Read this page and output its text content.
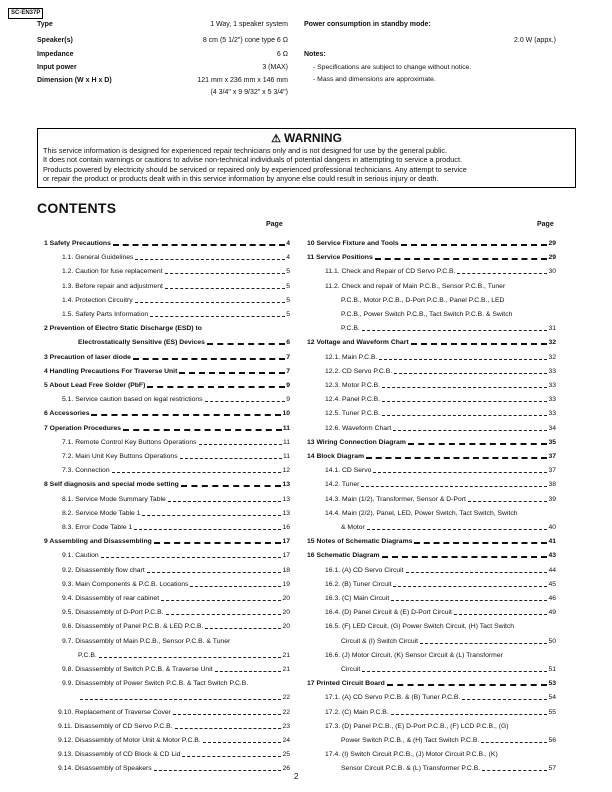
SC-EN37P
Type	1 Way, 1 speaker system
Speaker(s)	8 cm (5 1/2") cone type 6 Ω
Impedance	6 Ω
Input power	3 (MAX)
Dimension (W x H x D)	121 mm x 236 mm x 146 mm
(4 3/4" x 9 9/32" x 5 3/4")
Power consumption in standby mode:
2.0 W (appx.)
Notes:
- Specifications are subject to change without notice.
- Mass and dimensions are approximate.
⚠ WARNING
This service information is designed for experienced repair technicians only and is not designed for use by the general public.
It does not contain warnings or cautions to advise non-technical individuals of potential dangers in attempting to service a product.
Products powered by electricity should be serviced or repaired only by experienced professional technicians. Any attempt to service
or repair the product or products dealt with in this service information by anyone else could result in serious injury or death.
CONTENTS
Page	Page
1 Safety Precautions	4
1.1. General Guidelines	4
1.2. Caution for fuse replacement	5
1.3. Before repair and adjustment	5
1.4. Protection Circuitry	5
1.5. Safety Parts Information	5
2 Prevention of Electro Static Discharge (ESD) to
Electrostatically Sensitive (ES) Devices	6
3 Precaution of laser diode	7
4 Handling Precautions For Traverse Unit	7
5 About Lead Free Solder (PbF)	9
5.1. Service caution based on legal restrictions	9
6 Accessories	10
7 Operation Procedures	11
7.1. Remote Control Key Buttons Operations	11
7.2. Main Unit Key Buttons Operations	11
7.3. Connection	12
8 Self diagnosis and special mode setting	13
8.1. Service Mode Summary Table	13
8.2. Service Mode Table 1	13
8.3. Error Code Table 1	16
9 Assembling and Disassembling	17
9.1. Caution	17
9.2. Disassembly flow chart	18
9.3. Main Components & P.C.B. Locations	19
9.4. Disassembly of rear cabinet	20
9.5. Disassembly of D-Port P.C.B.	20
9.6. Disassembly of Panel P.C.B. & LED P.C.B.	20
9.7. Disassembly of Main P.C.B., Sensor P.C.B. & Tuner
P.C.B.	21
9.8. Disassembly of Switch P.C.B. & Traverse Unit	21
9.9. Disassembly of Power Switch P.C.B. & Tact Switch P.C.B.
22
9.10. Replacement of Traverse Cover	22
9.11. Disassembly of CD Servo P.C.B.	23
9.12. Disassembly of Motor Unit & Motor P.C.B.	24
9.13. Disassembly of CD Block & CD Lid	25
9.14. Disassembly of Speakers	26
10 Service Fixture and Tools	29
11 Service Positions	29
11.1. Check and Repair of CD Servo P.C.B.	30
11.2. Check and repair of Main P.C.B., Sensor P.C.B., Tuner
P.C.B., Motor P.C.B., D-Port P.C.B., Panel P.C.B., LED
P.C.B., Power Switch P.C.B., Tact Switch P.C.B. & Switch
P.C.B.	31
12 Voltage and Waveform Chart	32
12.1. Main P.C.B.	32
12.2. CD Servo P.C.B.	33
12.3. Motor P.C.B.	33
12.4. Panel P.C.B.	33
12.5. Tuner P.C.B.	33
12.6. Waveform Chart	34
13 Wiring Connection Diagram	35
14 Block Diagram	37
14.1. CD Servo	37
14.2. Tuner	38
14.3. Main (1/2), Transformer, Sensor & D-Port	39
14.4. Main (2/2), Panel, LED, Power Switch, Tact Switch, Switch
& Motor	40
15 Notes of Schematic Diagrams	41
16 Schematic Diagram	43
16.1. (A) CD Servo Circuit	44
16.2. (B) Tuner Circuit	45
16.3. (C) Main Circuit	46
16.4. (D) Panel Circuit & (E) D-Port Circuit	49
16.5. (F) LED Circuit, (G) Power Switch Circuit, (H) Tact Switch
Circuit & (I) Switch Circuit	50
16.6. (J) Motor Circuit, (K) Sensor Circuit & (L) Transformer
Circuit	51
17 Printed Circuit Board	53
17.1. (A) CD Servo P.C.B. & (B) Tuner P.C.B.	54
17.2. (C) Main P.C.B.	55
17.3. (D) Panel P.C.B., (E) D-Port P.C.B., (F) LCD P.C.B., (G)
Power Switch P.C.B., & (H) Tact Switch P.C.B.	56
17.4. (I) Switch Circuit P.C.B., (J) Motor Circuit P.C.B., (K)
Sensor Circuit P.C.B. & (L) Transformer P.C.B.	57
2
